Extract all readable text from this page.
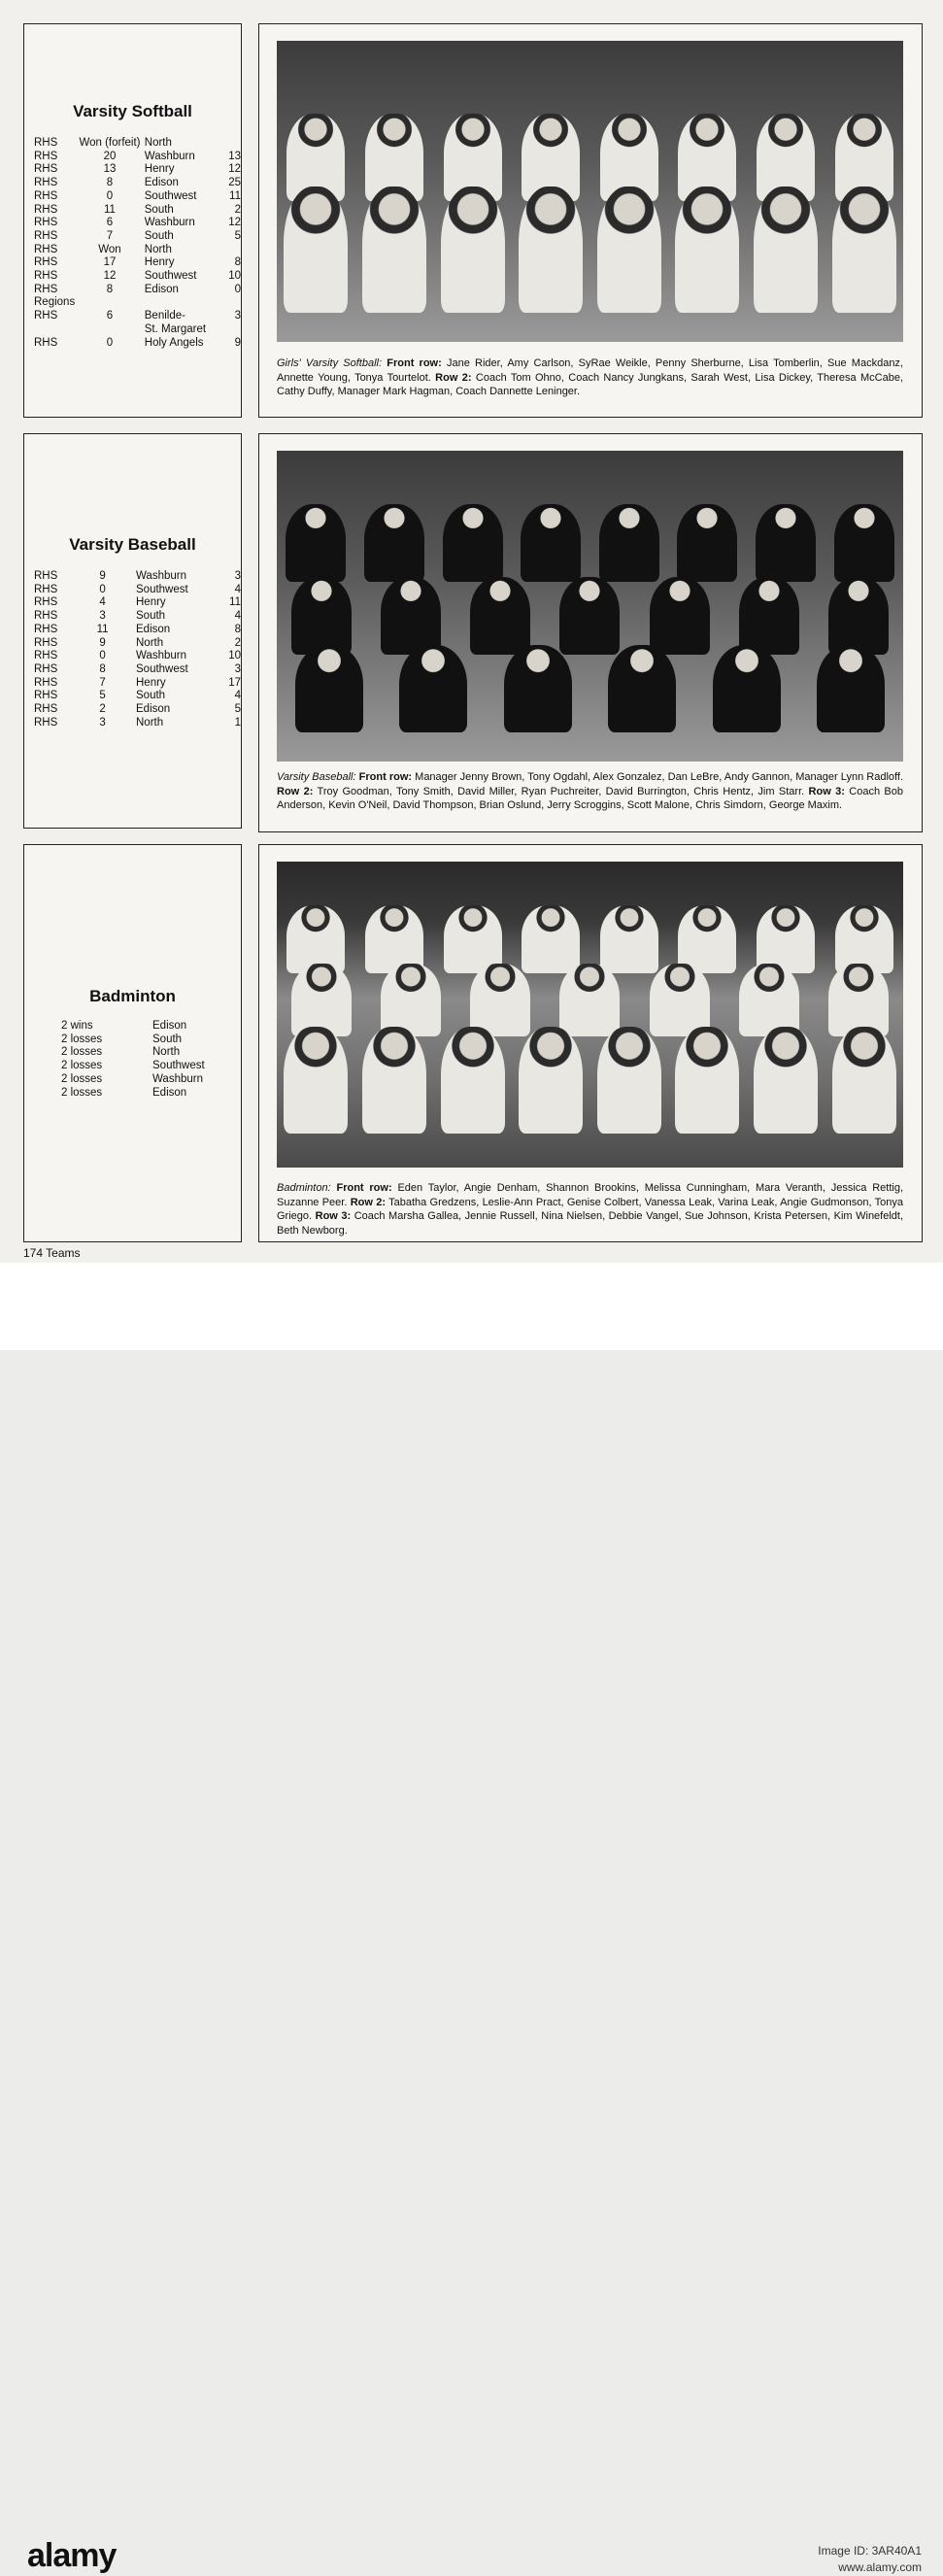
Varsity Softball
RHS	Won (forfeit)	North	
RHS	20	Washburn	13
RHS	13	Henry	12
RHS	8	Edison	25
RHS	0	Southwest	11
RHS	11	South	2
RHS	6	Washburn	12
RHS	7	South	5
RHS	Won	North	
RHS	17	Henry	8
RHS	12	Southwest	10
RHS	8	Edison	0
Regions			
RHS	6	Benilde-	3
		St. Margaret	
RHS	0	Holy Angels	9
Girls' Varsity Softball: Front row: Jane Rider, Amy Carlson, SyRae Weikle, Penny Sherburne, Lisa Tomberlin, Sue Mackdanz, Annette Young, Tonya Tourtelot. Row 2: Coach Tom Ohno, Coach Nancy Jungkans, Sarah West, Lisa Dickey, Theresa McCabe, Cathy Duffy, Manager Mark Hagman, Coach Dannette Leninger.
Varsity Baseball
RHS	9	Washburn	3
RHS	0	Southwest	4
RHS	4	Henry	11
RHS	3	South	4
RHS	11	Edison	8
RHS	9	North	2
RHS	0	Washburn	10
RHS	8	Southwest	3
RHS	7	Henry	17
RHS	5	South	4
RHS	2	Edison	5
RHS	3	North	1
Varsity Baseball: Front row: Manager Jenny Brown, Tony Ogdahl, Alex Gonzalez, Dan LeBre, Andy Gannon, Manager Lynn Radloff. Row 2: Troy Goodman, Tony Smith, David Miller, Ryan Puchreiter, David Burrington, Chris Hentz, Jim Starr. Row 3: Coach Bob Anderson, Kevin O'Neil, David Thompson, Brian Oslund, Jerry Scroggins, Scott Malone, Chris Simdorn, George Maxim.
Badminton
2 wins	Edison
2 losses	South
2 losses	North
2 losses	Southwest
2 losses	Washburn
2 losses	Edison
Badminton: Front row: Eden Taylor, Angie Denham, Shannon Brookins, Melissa Cunningham, Mara Veranth, Jessica Rettig, Suzanne Peer. Row 2: Tabatha Gredzens, Leslie-Ann Pract, Genise Colbert, Vanessa Leak, Varina Leak, Angie Gudmonson, Tonya Griego. Row 3: Coach Marsha Gallea, Jennie Russell, Nina Nielsen, Debbie Vangel, Sue Johnson, Krista Petersen, Kim Winefeldt, Beth Newborg.
174 Teams
alamy	Image ID: 3AR40A1
www.alamy.com
